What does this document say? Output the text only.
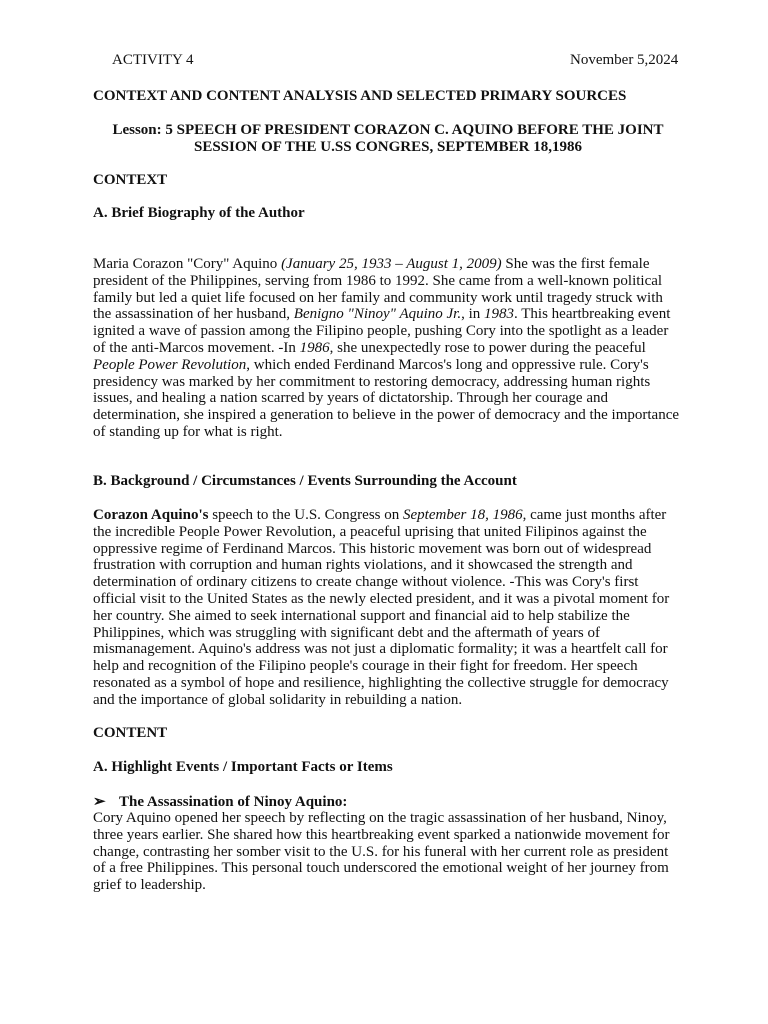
ACTIVITY 4	November 5,2024
CONTEXT AND CONTENT ANALYSIS AND SELECTED PRIMARY SOURCES
Lesson: 5 SPEECH OF PRESIDENT CORAZON C. AQUINO BEFORE THE JOINT SESSION OF THE U.SS CONGRES, SEPTEMBER 18,1986
CONTEXT
A. Brief Biography of the Author
Maria Corazon "Cory" Aquino (January 25, 1933 – August 1, 2009) She was the first female president of the Philippines, serving from 1986 to 1992. She came from a well-known political family but led a quiet life focused on her family and community work until tragedy struck with the assassination of her husband, Benigno "Ninoy" Aquino Jr., in 1983. This heartbreaking event ignited a wave of passion among the Filipino people, pushing Cory into the spotlight as a leader of the anti-Marcos movement. -In 1986, she unexpectedly rose to power during the peaceful People Power Revolution, which ended Ferdinand Marcos's long and oppressive rule. Cory's presidency was marked by her commitment to restoring democracy, addressing human rights issues, and healing a nation scarred by years of dictatorship. Through her courage and determination, she inspired a generation to believe in the power of democracy and the importance of standing up for what is right.
B. Background / Circumstances / Events Surrounding the Account
Corazon Aquino's speech to the U.S. Congress on September 18, 1986, came just months after the incredible People Power Revolution, a peaceful uprising that united Filipinos against the oppressive regime of Ferdinand Marcos. This historic movement was born out of widespread frustration with corruption and human rights violations, and it showcased the strength and determination of ordinary citizens to create change without violence. -This was Cory's first official visit to the United States as the newly elected president, and it was a pivotal moment for her country. She aimed to seek international support and financial aid to help stabilize the Philippines, which was struggling with significant debt and the aftermath of years of mismanagement. Aquino's address was not just a diplomatic formality; it was a heartfelt call for help and recognition of the Filipino people's courage in their fight for freedom. Her speech resonated as a symbol of hope and resilience, highlighting the collective struggle for democracy and the importance of global solidarity in rebuilding a nation.
CONTENT
A. Highlight Events / Important Facts or Items
➢ The Assassination of Ninoy Aquino:
Cory Aquino opened her speech by reflecting on the tragic assassination of her husband, Ninoy, three years earlier. She shared how this heartbreaking event sparked a nationwide movement for change, contrasting her somber visit to the U.S. for his funeral with her current role as president of a free Philippines. This personal touch underscored the emotional weight of her journey from grief to leadership.
